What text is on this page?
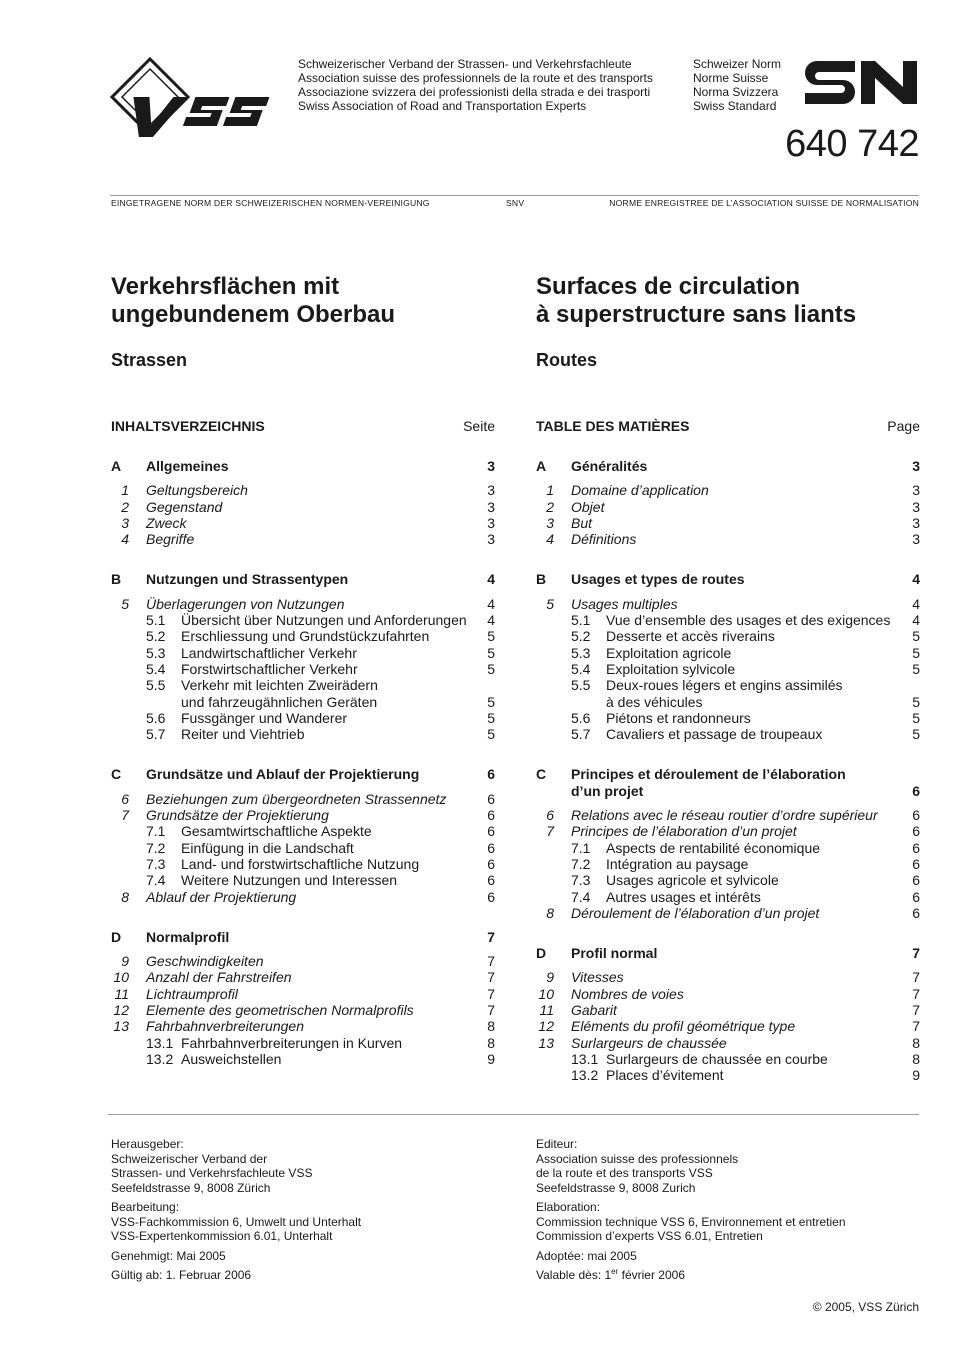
Schweizerischer Verband der Strassen- und Verkehrsfachleute
Association suisse des professionnels de la route et des transports
Associazione svizzera dei professionisti della strada e dei trasporti
Swiss Association of Road and Transportation Experts
Schweizer Norm
Norme Suisse
Norma Svizzera
Swiss Standard
640 742
EINGETRAGENE NORM DER SCHWEIZERISCHEN NORMEN-VEREINIGUNG	SNV	NORME ENREGISTREE DE L’ASSOCIATION SUISSE DE NORMALISATION
Verkehrsflächen mit
ungebundenem Oberbau
Strassen
INHALTSVERZEICHNIS	Seite
A	Allgemeines	3
1	Geltungsbereich	3
2	Gegenstand	3
3	Zweck	3
4	Begriffe	3
B	Nutzungen und Strassentypen	4
5	Überlagerungen von Nutzungen	4
5.1	Übersicht über Nutzungen und Anforderungen	4
5.2	Erschliessung und Grundstückzufahrten	5
5.3	Landwirtschaftlicher Verkehr	5
5.4	Forstwirtschaftlicher Verkehr	5
5.5	Verkehr mit leichten Zweirädern
und fahrzeugähnlichen Geräten	5
5.6	Fussgänger und Wanderer	5
5.7	Reiter und Viehtrieb	5
C	Grundsätze und Ablauf der Projektierung	6
6	Beziehungen zum übergeordneten Strassennetz	6
7	Grundsätze der Projektierung	6
7.1	Gesamtwirtschaftliche Aspekte	6
7.2	Einfügung in die Landschaft	6
7.3	Land- und forstwirtschaftliche Nutzung	6
7.4	Weitere Nutzungen und Interessen	6
8	Ablauf der Projektierung	6
D	Normalprofil	7
9	Geschwindigkeiten	7
10	Anzahl der Fahrstreifen	7
11	Lichtraumprofil	7
12	Elemente des geometrischen Normalprofils	7
13	Fahrbahnverbreiterungen	8
13.1 Fahrbahnverbreiterungen in Kurven	8
13.2 Ausweichstellen	9
Surfaces de circulation
à superstructure sans liants
Routes
TABLE DES MATIÈRES	Page
A	Généralités	3
1	Domaine d’application	3
2	Objet	3
3	But	3
4	Définitions	3
B	Usages et types de routes	4
5	Usages multiples	4
5.1	Vue d’ensemble des usages et des exigences	4
5.2	Desserte et accès riverains	5
5.3	Exploitation agricole	5
5.4	Exploitation sylvicole	5
5.5	Deux-roues légers et engins assimilés
à des véhicules	5
5.6	Piétons et randonneurs	5
5.7	Cavaliers et passage de troupeaux	5
C	Principes et déroulement de l’élaboration
d’un projet	6
6	Relations avec le réseau routier d’ordre supérieur	6
7	Principes de l’élaboration d’un projet	6
7.1	Aspects de rentabilité économique	6
7.2	Intégration au paysage	6
7.3	Usages agricole et sylvicole	6
7.4	Autres usages et intérêts	6
8	Déroulement de l’élaboration d’un projet	6
D	Profil normal	7
9	Vitesses	7
10	Nombres de voies	7
11	Gabarit	7
12	Eléments du profil géométrique type	7
13	Surlargeurs de chaussée	8
13.1 Surlargeurs de chaussée en courbe	8
13.2 Places d’évitement	9

Herausgeber:
Schweizerischer Verband der
Strassen- und Verkehrsfachleute VSS
Seefeldstrasse 9, 8008 Zürich

Bearbeitung:
VSS-Fachkommission 6, Umwelt und Unterhalt
VSS-Expertenkommission 6.01, Unterhalt

Genehmigt: Mai 2005

Gültig ab: 1. Februar 2006

Editeur:
Association suisse des professionnels
de la route et des transports VSS
Seefeldstrasse 9, 8008 Zurich

Elaboration:
Commission technique VSS 6, Environnement et entretien
Commission d’experts VSS 6.01, Entretien

Adoptée: mai 2005

Valable dès: 1er février 2006

© 2005, VSS Zürich
